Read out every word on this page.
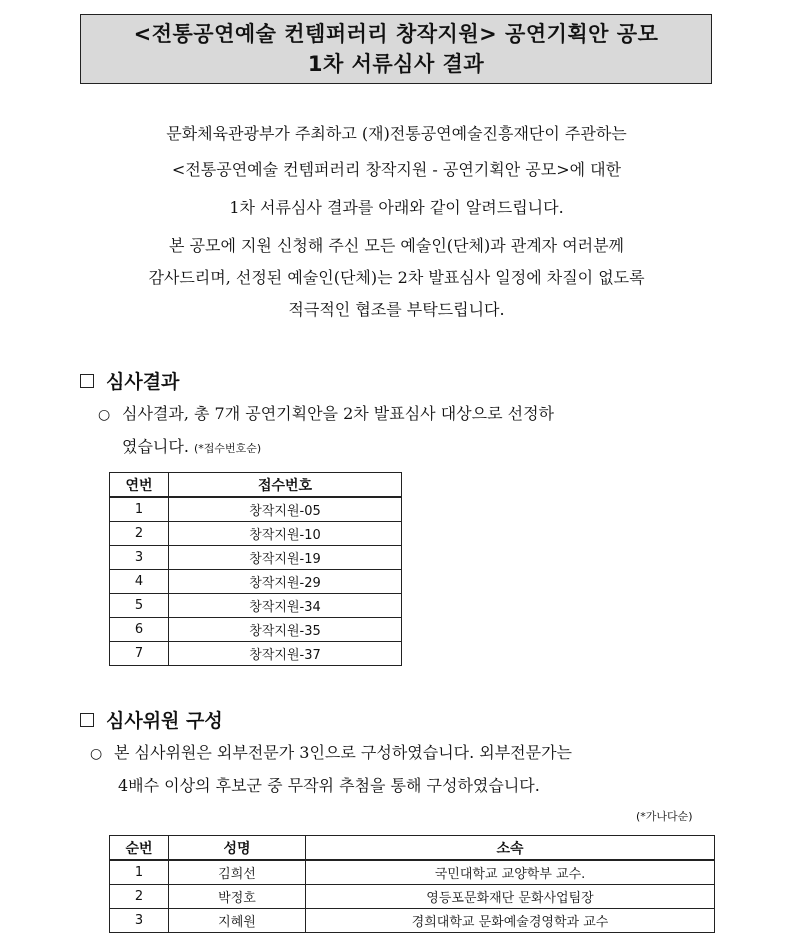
<전통공연예술 컨템퍼러리 창작지원> 공연기획안 공모
1차 서류심사 결과
문화체육관광부가 주최하고 (재)전통공연예술진흥재단이 주관하는
<전통공연예술 컨템퍼러리 창작지원 - 공연기획안 공모>에 대한
1차 서류심사 결과를 아래와 같이 알려드립니다.
본 공모에 지원 신청해 주신 모든 예술인(단체)과 관계자 여러분께
감사드리며, 선정된 예술인(단체)는 2차 발표심사 일정에 차질이 없도록
적극적인 협조를 부탁드립니다.
심사결과
○ 심사결과, 총 7개 공연기획안을 2차 발표심사 대상으로 선정하
였습니다. (*접수번호순)
연번	접수번호
1	창작지원-05
2	창작지원-10
3	창작지원-19
4	창작지원-29
5	창작지원-34
6	창작지원-35
7	창작지원-37
심사위원 구성
○ 본 심사위원은 외부전문가 3인으로 구성하였습니다. 외부전문가는
4배수 이상의 후보군 중 무작위 추첨을 통해 구성하였습니다.
(*가나다순)
순번	성명	소속
1	김희선	국민대학교 교양학부 교수.
2	박정호	영등포문화재단 문화사업팀장
3	지혜원	경희대학교 문화예술경영학과 교수
